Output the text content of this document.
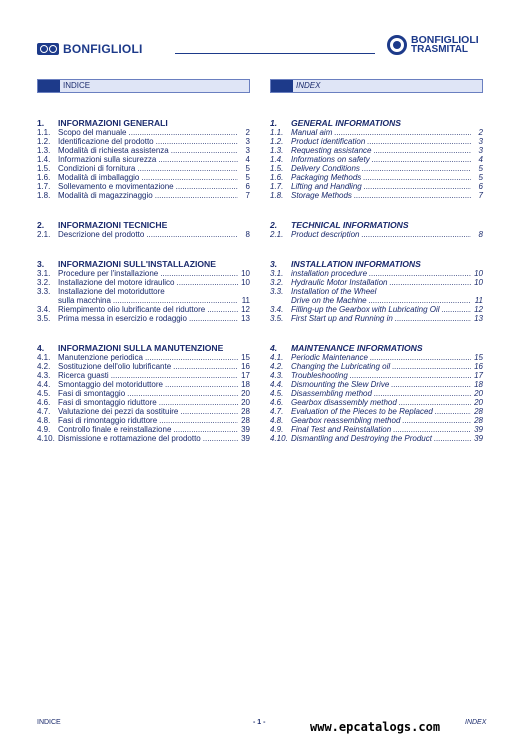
BONFIGLIOLI
BONFIGLIOLI
TRASMITAL
INDICE	INDEX
1.	INFORMAZIONI GENERALI
1.1. Scopo del manuale .....	2
1.2. Identificazione del prodotto .....	3
1.3. Modalità di richiesta assistenza .....	3
1.4. Informazioni sulla sicurezza .....	4
1.5. Condizioni di fornitura .....	5
1.6. Modalità di imballaggio .....	5
1.7. Sollevamento e movimentazione .....	6
1.8. Modalità di magazzinaggio .....	7
2.	INFORMAZIONI TECNICHE
2.1. Descrizione del prodotto .....	8
3.	INFORMAZIONI SULL'INSTALLAZIONE
3.1. Procedure per l'installazione .....	10
3.2. Installazione del motore idraulico .....	10
3.3. Installazione del motoriduttore
sulla macchina .....	11
3.4. Riempimento olio lubrificante del riduttore .....	12
3.5. Prima messa in esercizio e rodaggio .....	13
4.	INFORMAZIONI SULLA MANUTENZIONE
4.1. Manutenzione periodica .....	15
4.2. Sostituzione dell'olio lubrificante .....	16
4.3. Ricerca guasti .....	17
4.4. Smontaggio del motoriduttore .....	18
4.5. Fasi di smontaggio .....	20
4.6. Fasi di smontaggio riduttore .....	20
4.7. Valutazione dei pezzi da sostituire .....	28
4.8. Fasi di rimontaggio riduttore .....	28
4.9. Controllo finale e reinstallazione .....	39
4.10. Dismissione e rottamazione del prodotto .....	39
1.	GENERAL INFORMATIONS
1.1. Manual aim .....	2
1.2. Product identification .....	3
1.3. Requesting assistance .....	3
1.4. Informations on safety .....	4
1.5. Delivery Conditions .....	5
1.6. Packaging Methods .....	5
1.7. Lifting and Handling .....	6
1.8. Storage Methods .....	7
2.	TECHNICAL INFORMATIONS
2.1. Product description .....	8
3.	INSTALLATION INFORMATIONS
3.1. installation procedure .....	10
3.2. Hydraulic Motor Installation .....	10
3.3. Installation of the Wheel
Drive on the Machine .....	11
3.4. Filling-up the Gearbox with Lubricating Oil .....	12
3.5. First Start up and Running in .....	13
4.	MAINTENANCE INFORMATIONS
4.1. Periodic Maintenance .....	15
4.2. Changing the Lubricating oil .....	16
4.3. Troubleshooting .....	17
4.4. Dismounting the Slew Drive .....	18
4.5. Disassembling method .....	20
4.6. Gearbox disassembly method .....	20
4.7. Evaluation of the Pieces to be Replaced .....	28
4.8. Gearbox reassembling method .....	28
4.9. Final Test and Reinstallation .....	39
4.10. Dismantling and Destroying the Product .....	39
INDICE	- 1 -	www.epcatalogs.com	INDEX
